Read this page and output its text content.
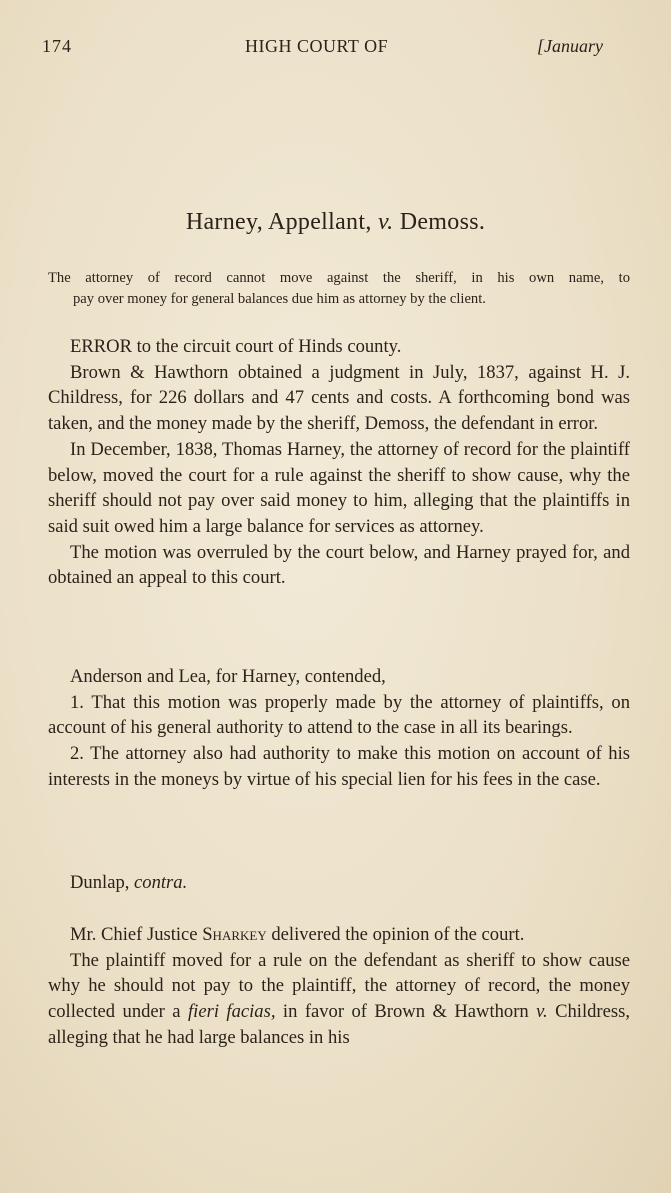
174	HIGH COURT OF	[January
Harney, Appellant, v. Demoss.

The attorney of record cannot move against the sheriff, in his own name, to

pay over money for general balances due him as attorney by the client.

ERROR to the circuit court of Hinds county.

Brown & Hawthorn obtained a judgment in July, 1837, against H. J. Childress, for 226 dollars and 47 cents and costs. A forthcoming bond was taken, and the money made by the sheriff, Demoss, the defendant in error.

In December, 1838, Thomas Harney, the attorney of record for the plaintiff below, moved the court for a rule against the sheriff to show cause, why the sheriff should not pay over said money to him, alleging that the plaintiffs in said suit owed him a large balance for services as attorney.

The motion was overruled by the court below, and Harney prayed for, and obtained an appeal to this court.

Anderson and Lea, for Harney, contended,

1. That this motion was properly made by the attorney of plaintiffs, on account of his general authority to attend to the case in all its bearings.

2. The attorney also had authority to make this motion on account of his interests in the moneys by virtue of his special lien for his fees in the case.

Dunlap, contra.

Mr. Chief Justice Sharkey delivered the opinion of the court.

The plaintiff moved for a rule on the defendant as sheriff to show cause why he should not pay to the plaintiff, the attorney of record, the money collected under a fieri facias, in favor of Brown & Hawthorn v. Childress, alleging that he had large balances in his
